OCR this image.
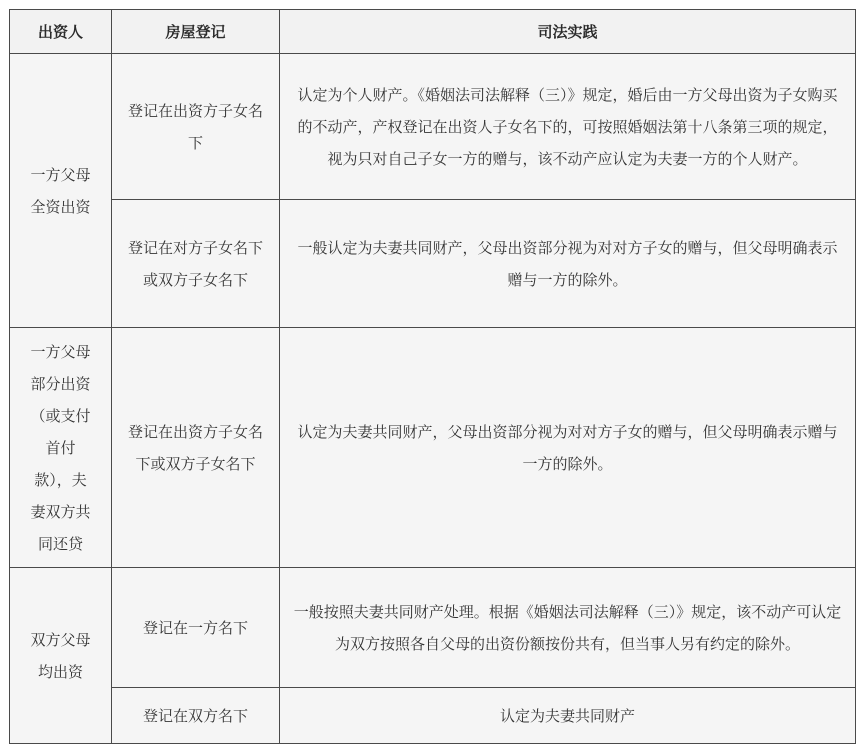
出资人	房屋登记	司法实践
一方父母全资出资	登记在出资方子女名下	认定为个人财产。《婚姻法司法解释（三）》规定，婚后由一方父母出资为子女购买的不动产，产权登记在出资人子女名下的，可按照婚姻法第十八条第三项的规定，视为只对自己子女一方的赠与，该不动产应认定为夫妻一方的个人财产。
	登记在对方子女名下或双方子女名下	一般认定为夫妻共同财产，父母出资部分视为对对方子女的赠与，但父母明确表示赠与一方的除外。
一方父母部分出资（或支付首付款），夫妻双方共同还贷	登记在出资方子女名下或双方子女名下	认定为夫妻共同财产，父母出资部分视为对对方子女的赠与，但父母明确表示赠与一方的除外。
双方父母均出资	登记在一方名下	一般按照夫妻共同财产处理。根据《婚姻法司法解释（三）》规定，该不动产可认定为双方按照各自父母的出资份额按份共有，但当事人另有约定的除外。
	登记在双方名下	认定为夫妻共同财产
